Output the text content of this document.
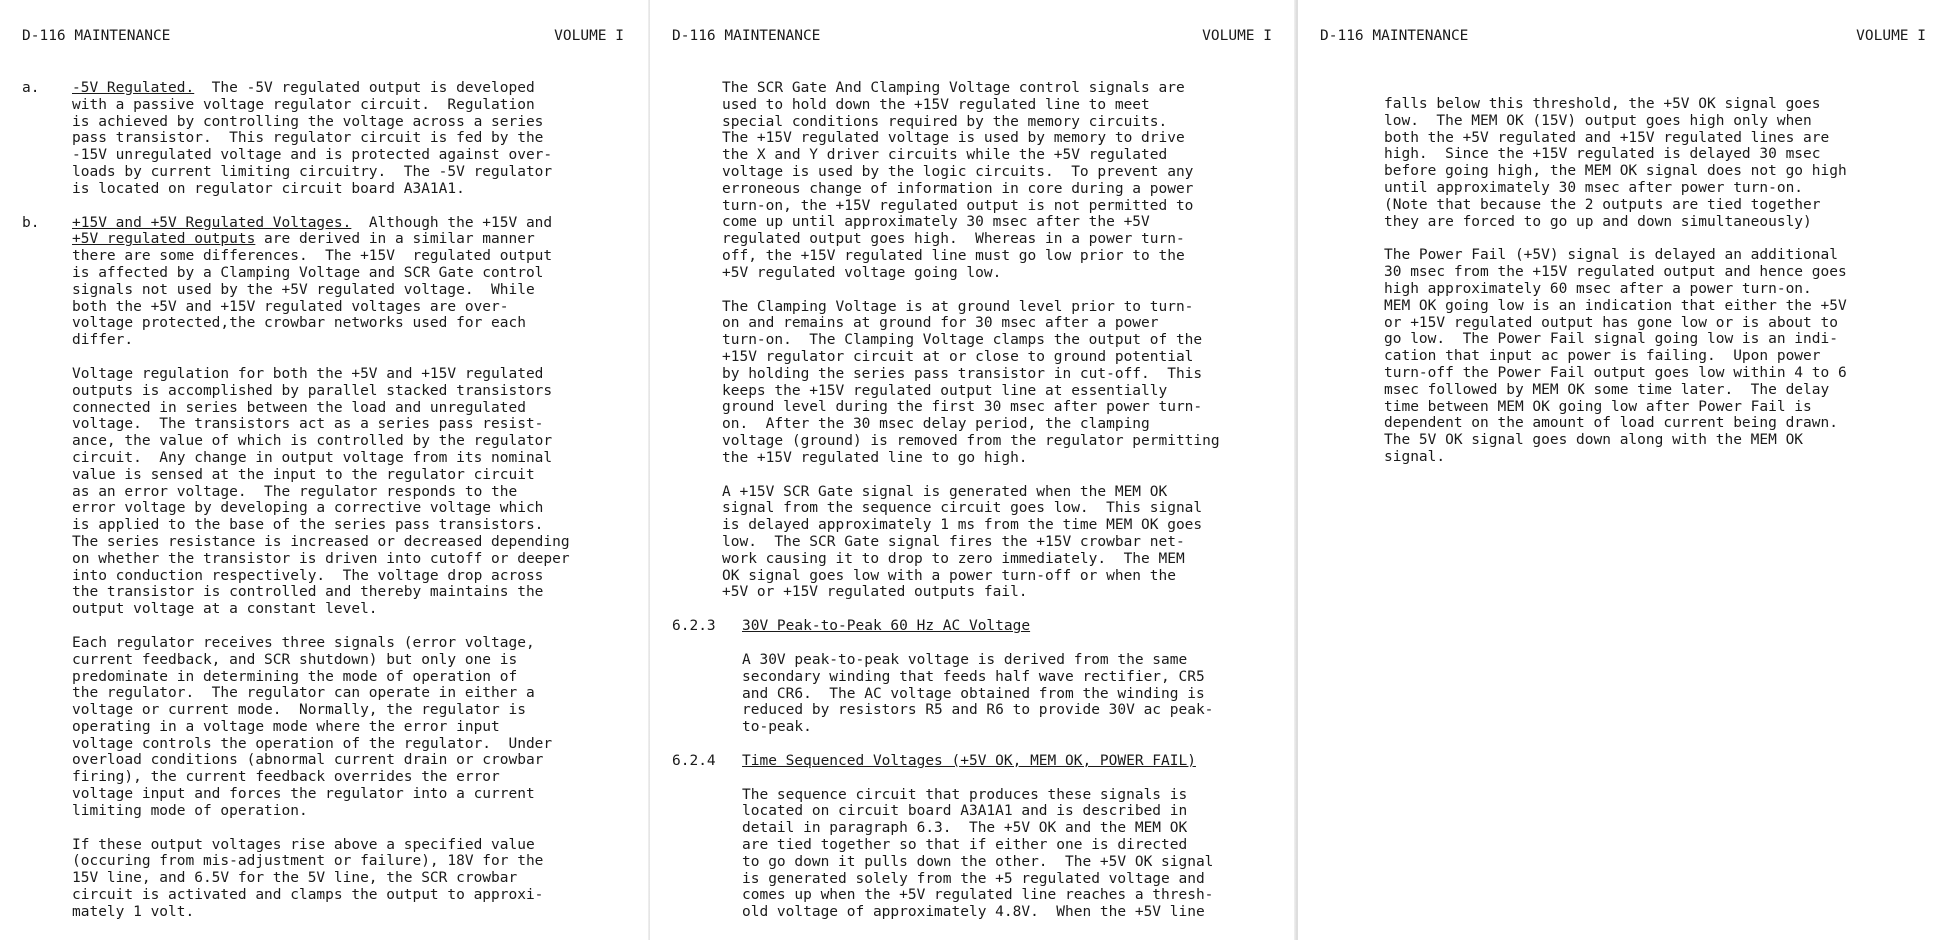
D-116 MAINTENANCE	VOLUME I
a. -5V Regulated.  The -5V regulated output is developed
with a passive voltage regulator circuit.  Regulation
is achieved by controlling the voltage across a series
pass transistor.  This regulator circuit is fed by the
-15V unregulated voltage and is protected against over-
loads by current limiting circuitry.  The -5V regulator
is located on regulator circuit board A3A1A1.
b. +15V and +5V Regulated Voltages.  Although the +15V and
+5V regulated outputs are derived in a similar manner
there are some differences.  The +15V  regulated output
is affected by a Clamping Voltage and SCR Gate control
signals not used by the +5V regulated voltage.  While
both the +5V and +15V regulated voltages are over-
voltage protected,the crowbar networks used for each
differ.
Voltage regulation for both the +5V and +15V regulated
outputs is accomplished by parallel stacked transistors
connected in series between the load and unregulated
voltage.  The transistors act as a series pass resist-
ance, the value of which is controlled by the regulator
circuit.  Any change in output voltage from its nominal
value is sensed at the input to the regulator circuit
as an error voltage.  The regulator responds to the
error voltage by developing a corrective voltage which
is applied to the base of the series pass transistors.
The series resistance is increased or decreased depending
on whether the transistor is driven into cutoff or deeper
into conduction respectively.  The voltage drop across
the transistor is controlled and thereby maintains the
output voltage at a constant level.
Each regulator receives three signals (error voltage,
current feedback, and SCR shutdown) but only one is
predominate in determining the mode of operation of
the regulator.  The regulator can operate in either a
voltage or current mode.  Normally, the regulator is
operating in a voltage mode where the error input
voltage controls the operation of the regulator.  Under
overload conditions (abnormal current drain or crowbar
firing), the current feedback overrides the error
voltage input and forces the regulator into a current
limiting mode of operation.
If these output voltages rise above a specified value
(occuring from mis-adjustment or failure), 18V for the
15V line, and 6.5V for the 5V line, the SCR crowbar
circuit is activated and clamps the output to approxi-
mately 1 volt.
D-116 MAINTENANCE	VOLUME I
The SCR Gate And Clamping Voltage control signals are
used to hold down the +15V regulated line to meet
special conditions required by the memory circuits.
The +15V regulated voltage is used by memory to drive
the X and Y driver circuits while the +5V regulated
voltage is used by the logic circuits.  To prevent any
erroneous change of information in core during a power
turn-on, the +15V regulated output is not permitted to
come up until approximately 30 msec after the +5V
regulated output goes high.  Whereas in a power turn-
off, the +15V regulated line must go low prior to the
+5V regulated voltage going low.
The Clamping Voltage is at ground level prior to turn-
on and remains at ground for 30 msec after a power
turn-on.  The Clamping Voltage clamps the output of the
+15V regulator circuit at or close to ground potential
by holding the series pass transistor in cut-off.  This
keeps the +15V regulated output line at essentially
ground level during the first 30 msec after power turn-
on.  After the 30 msec delay period, the clamping
voltage (ground) is removed from the regulator permitting
the +15V regulated line to go high.
A +15V SCR Gate signal is generated when the MEM OK
signal from the sequence circuit goes low.  This signal
is delayed approximately 1 ms from the time MEM OK goes
low.  The SCR Gate signal fires the +15V crowbar net-
work causing it to drop to zero immediately.  The MEM
OK signal goes low with a power turn-off or when the
+5V or +15V regulated outputs fail.
6.2.3 30V Peak-to-Peak 60 Hz AC Voltage
A 30V peak-to-peak voltage is derived from the same
secondary winding that feeds half wave rectifier, CR5
and CR6.  The AC voltage obtained from the winding is
reduced by resistors R5 and R6 to provide 30V ac peak-
to-peak.
6.2.4 Time Sequenced Voltages (+5V OK, MEM OK, POWER FAIL)
The sequence circuit that produces these signals is
located on circuit board A3A1A1 and is described in
detail in paragraph 6.3.  The +5V OK and the MEM OK
are tied together so that if either one is directed
to go down it pulls down the other.  The +5V OK signal
is generated solely from the +5 regulated voltage and
comes up when the +5V regulated line reaches a thresh-
old voltage of approximately 4.8V.  When the +5V line
D-116 MAINTENANCE	VOLUME I
falls below this threshold, the +5V OK signal goes
low.  The MEM OK (15V) output goes high only when
both the +5V regulated and +15V regulated lines are
high.  Since the +15V regulated is delayed 30 msec
before going high, the MEM OK signal does not go high
until approximately 30 msec after power turn-on.
(Note that because the 2 outputs are tied together
they are forced to go up and down simultaneously)
The Power Fail (+5V) signal is delayed an additional
30 msec from the +15V regulated output and hence goes
high approximately 60 msec after a power turn-on.
MEM OK going low is an indication that either the +5V
or +15V regulated output has gone low or is about to
go low.  The Power Fail signal going low is an indi-
cation that input ac power is failing.  Upon power
turn-off the Power Fail output goes low within 4 to 6
msec followed by MEM OK some time later.  The delay
time between MEM OK going low after Power Fail is
dependent on the amount of load current being drawn.
The 5V OK signal goes down along with the MEM OK
signal.
